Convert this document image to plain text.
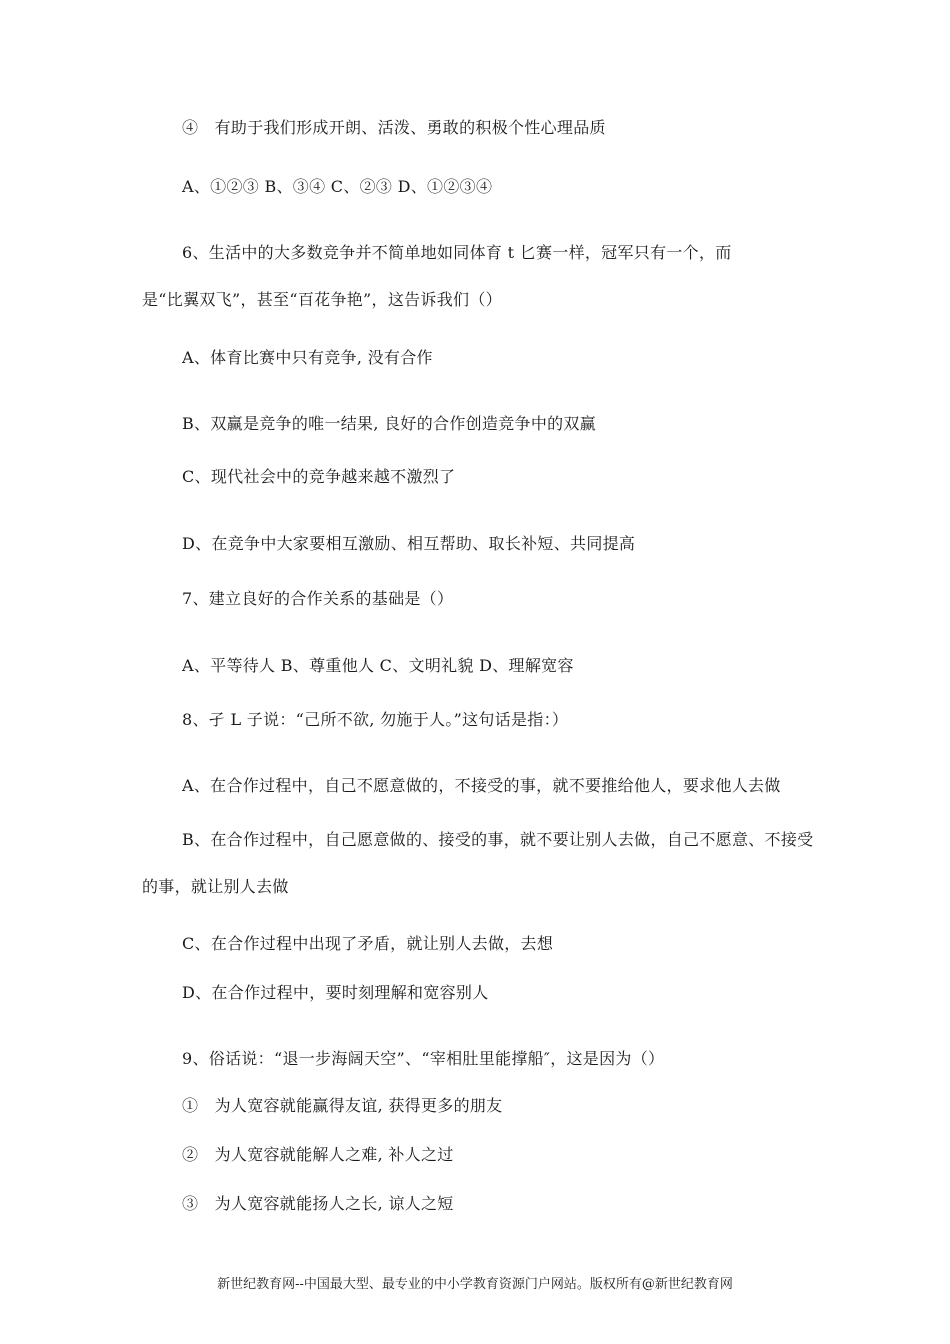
④　有助于我们形成开朗、活泼、勇敢的积极个性心理品质

A、①②③ B、③④ C、②③ D、①②③④

6、生活中的大多数竞争并不简单地如同体育 t 匕赛一样，冠军只有一个，而

是“比翼双飞”，甚至“百花争艳”，这告诉我们（）

A、体育比赛中只有竞争, 没有合作

B、双赢是竞争的唯一结果, 良好的合作创造竞争中的双赢

C、现代社会中的竞争越来越不激烈了

D、在竞争中大家要相互激励、相互帮助、取长补短、共同提高

7、建立良好的合作关系的基础是（）

A、平等待人 B、尊重他人 C、文明礼貌 D、理解宽容

8、孑 L 子说：“己所不欲, 勿施于人。”这句话是指：）

A、在合作过程中，自己不愿意做的，不接受的事，就不要推给他人，要求他人去做

B、在合作过程中，自己愿意做的、接受的事，就不要让别人去做，自己不愿意、不接受

的事，就让别人去做

C、在合作过程中出现了矛盾，就让别人去做，去想

D、在合作过程中，要时刻理解和宽容别人

9、俗话说：“退一步海阔天空”、“宰相肚里能撑船″，这是因为（）

①　为人宽容就能赢得友谊, 获得更多的朋友

②　为人宽容就能解人之难, 补人之过

③　为人宽容就能扬人之长, 谅人之短

新世纪教育网--中国最大型、最专业的中小学教育资源门户网站。版权所有@新世纪教育网
